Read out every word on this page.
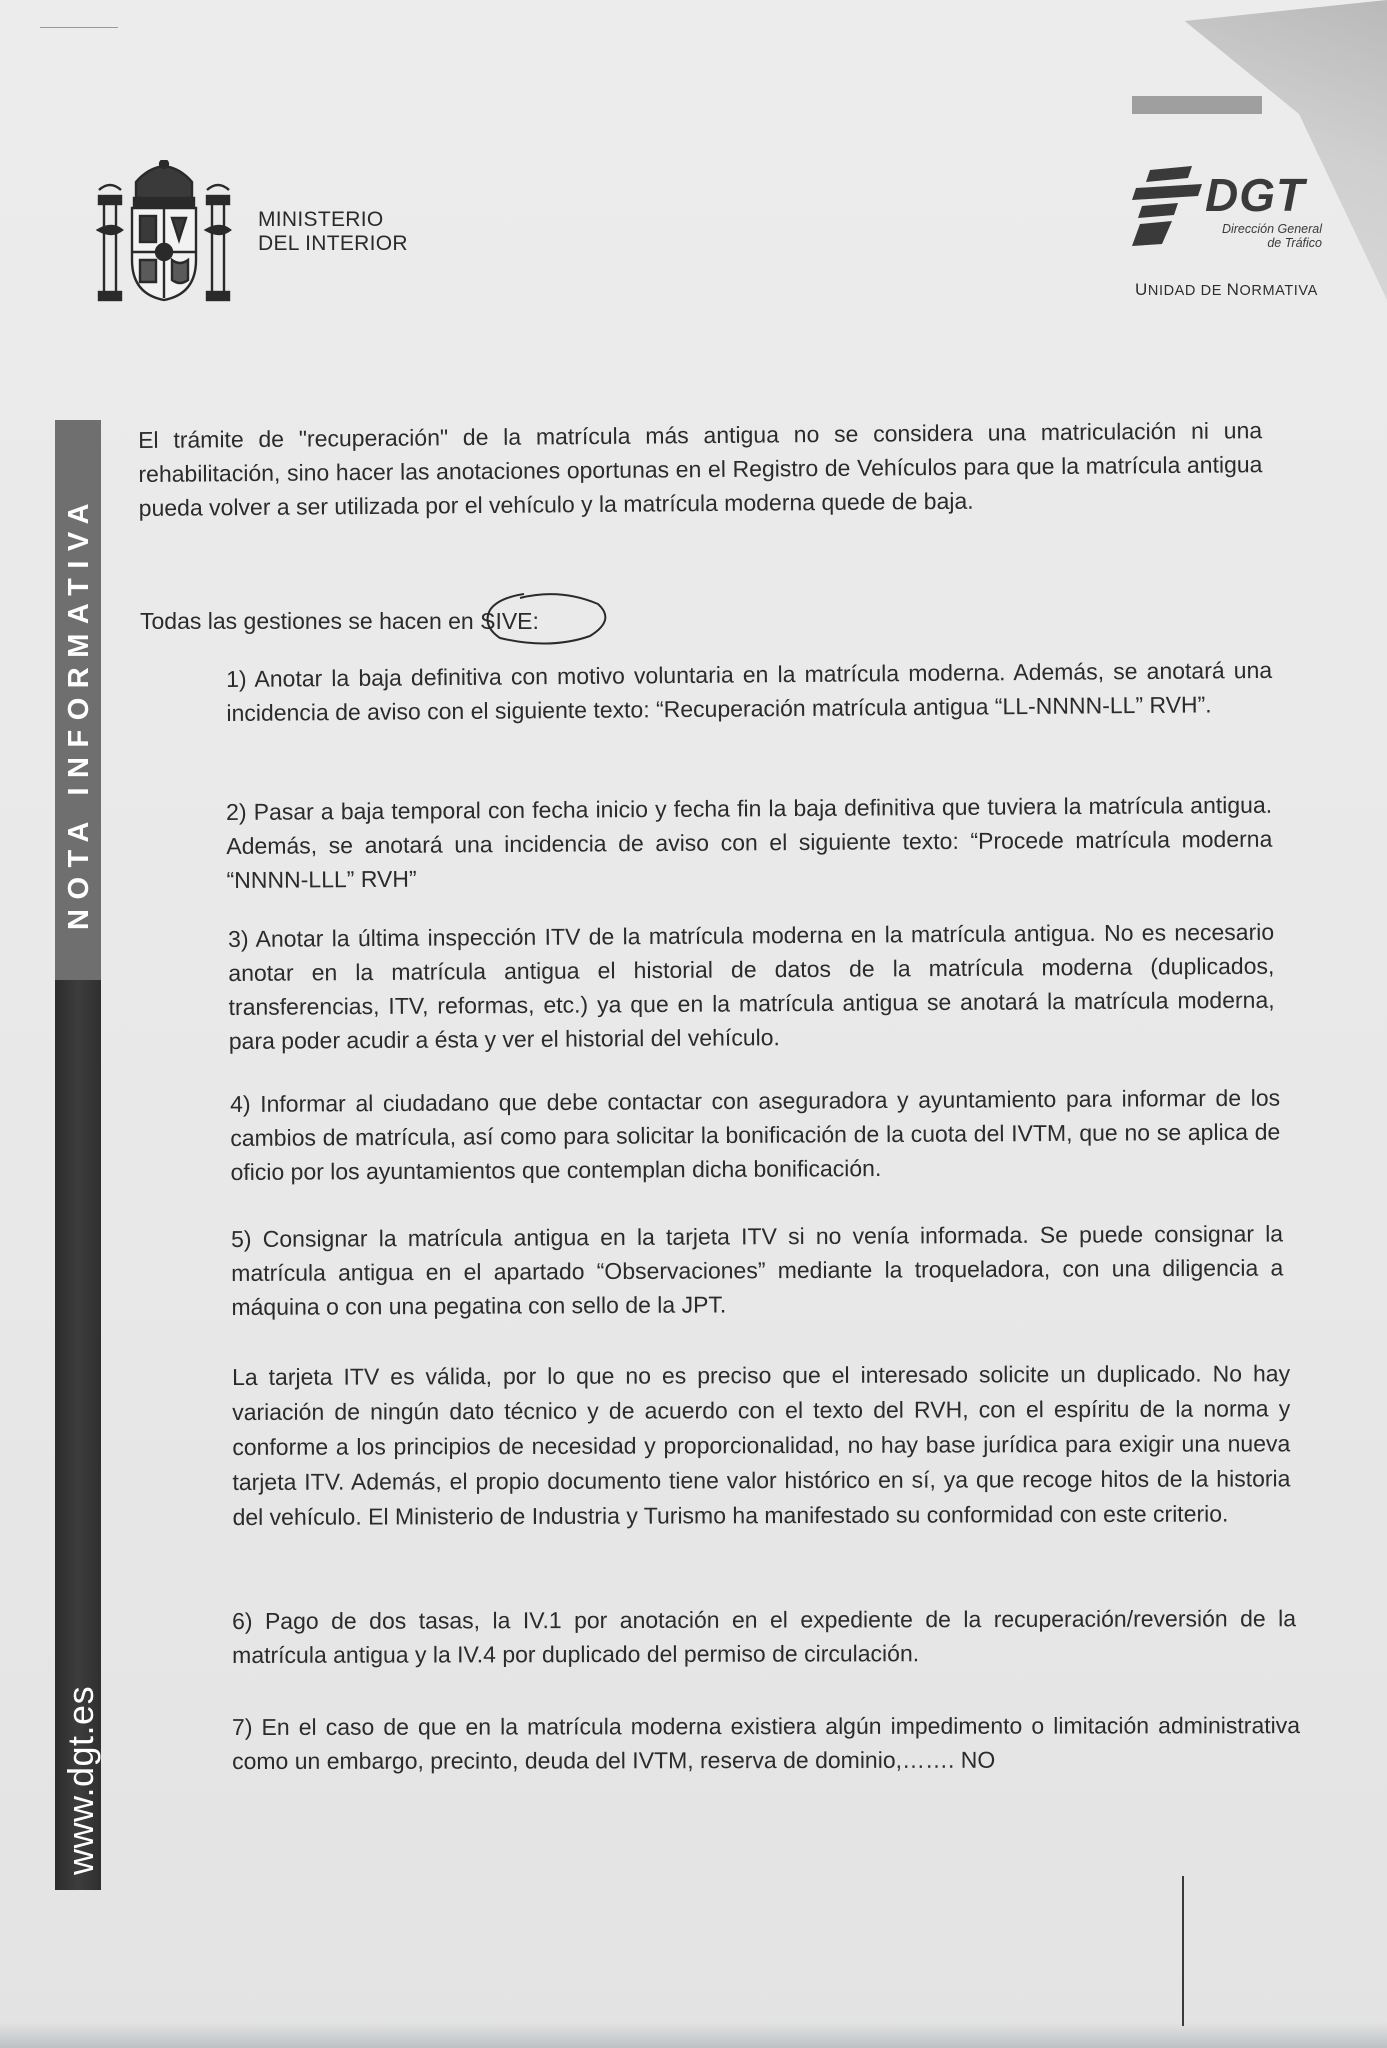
MINISTERIO
DEL INTERIOR
DGT
Dirección General
de Tráfico
UNIDAD DE NORMATIVA
NOTA INFORMATIVA
www.dgt.es
El trámite de "recuperación" de la matrícula más antigua no se considera una matriculación ni una rehabilitación, sino hacer las anotaciones oportunas en el Registro de Vehículos para que la matrícula antigua pueda volver a ser utilizada por el vehículo y la matrícula moderna quede de baja.
Todas las gestiones se hacen en SIVE:
1) Anotar la baja definitiva con motivo voluntaria en la matrícula moderna. Además, se anotará una incidencia de aviso con el siguiente texto: “Recuperación matrícula antigua “LL-NNNN-LL” RVH”.
2) Pasar a baja temporal con fecha inicio y fecha fin la baja definitiva que tuviera la matrícula antigua. Además, se anotará una incidencia de aviso con el siguiente texto: “Procede matrícula moderna “NNNN-LLL” RVH”
3) Anotar la última inspección ITV de la matrícula moderna en la matrícula antigua. No es necesario anotar en la matrícula antigua el historial de datos de la matrícula moderna (duplicados, transferencias, ITV, reformas, etc.) ya que en la matrícula antigua se anotará la matrícula moderna, para poder acudir a ésta y ver el historial del vehículo.
4) Informar al ciudadano que debe contactar con aseguradora y ayuntamiento para informar de los cambios de matrícula, así como para solicitar la bonificación de la cuota del IVTM, que no se aplica de oficio por los ayuntamientos que contemplan dicha bonificación.
5) Consignar la matrícula antigua en la tarjeta ITV si no venía informada. Se puede consignar la matrícula antigua en el apartado “Observaciones” mediante la troqueladora, con una diligencia a máquina o con una pegatina con sello de la JPT.
La tarjeta ITV es válida, por lo que no es preciso que el interesado solicite un duplicado. No hay variación de ningún dato técnico y de acuerdo con el texto del RVH, con el espíritu de la norma y conforme a los principios de necesidad y proporcionalidad, no hay base jurídica para exigir una nueva tarjeta ITV. Además, el propio documento tiene valor histórico en sí, ya que recoge hitos de la historia del vehículo. El Ministerio de Industria y Turismo ha manifestado su conformidad con este criterio.
6) Pago de dos tasas, la IV.1 por anotación en el expediente de la recuperación/reversión de la matrícula antigua y la IV.4 por duplicado del permiso de circulación.
7) En el caso de que en la matrícula moderna existiera algún impedimento o limitación administrativa como un embargo, precinto, deuda del IVTM, reserva de dominio,……. NO
